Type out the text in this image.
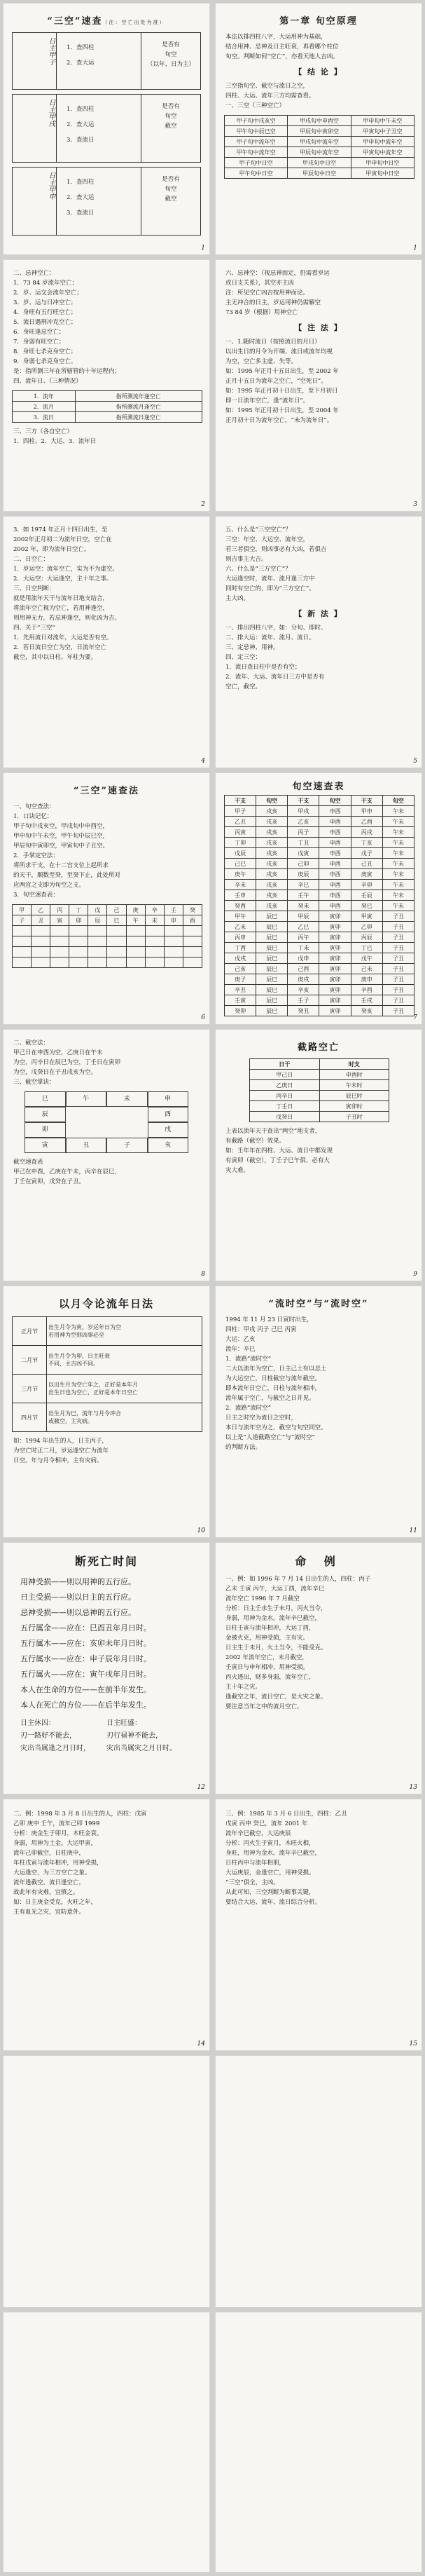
“三空”速查（注：空亡出处为准）
日主甲子	1．查四柱
2．查大运
是否有
旬空
（以年、日为主）
日主甲戌	1．查四柱
2．查大运
3．查流日
是否有
旬空
截空
日主甲申	1．查四柱
2．查大运
3．查流日
是否有
旬空
截空
1
第一章 旬空原理
本法以排四柱八字，大运用神为基础，
结合用神、忌神及日主旺衰，再看哪个柱位
旬空。判断如何“空亡”，亦看天地人吉凶。
【 结 论 】
三空指旬空、截空与流日之空，
四柱、大运、流年三方均需查看。
一、三空（三种空亡）
甲子旬中戌亥空	甲戌旬中申酉空	甲申旬中午未空
甲午旬中辰巳空	甲辰旬中寅卯空	甲寅旬中子丑空
甲子旬中流年空	甲戌旬中流年空	甲申旬中流年空
甲午旬中流年空	甲辰旬中流年空	甲寅旬中流年空
甲子旬中日空	甲戌旬中日空	甲申旬中日空
甲午旬中日空	甲辰旬中日空	甲寅旬中日空
1
二、忌神空亡：
1．73 84 岁流年空亡；
2．岁、运交会流年空亡；
3．岁、运与日冲空亡；
4．身旺有五行旺空亡；
5．流日遇刑冲克空亡；
6．身旺逢忌空亡；
7．身弱有旺空亡；
8．身旺七杀克身空亡；
9．身弱七杀克身空亡。
是：指所测三年在所辖管的十年运程内；
四、流年日、（三种情况）
1．流年	指所测流年逢空亡
2．流月	指所测流月逢空亡
3．流日	指所测流日逢空亡
三、三方（各自空亡）
1．四柱、2．大运、3．流年日
2
六、忌神空：（视忌神而定，仍需看岁运
或日支关系），其空亦主凶
注：所见空亡凶吉按用神而论。
主无冲合的日主，岁运用神仍需解空
73 84 岁（根据）用神空亡
【 注 法 】
一、1.随时流日（按照流日的月日）
以出生日的月令为开端，流日或流年均视
为空，空亡多主虚、失等。
如：1995 年正月十五日出生，至 2002 年
正月十五日为流年之空亡，“空死日”。
如：1995 年正月初十日出生，至下月初日
即一日流年空亡，逢“流年日”。
如：1995 年正月初十日出生，至 2004 年
正月初十日为流年空亡，“未为流年日”。
3
3．如 1974 年正月十四日出生，至
2002年正月初二为流年日空，空亡在
2002 年，即为流年日空亡。
二、日空亡：
1．岁运空：流年空亡，实为不为虚空。
2．大运空：大运逢空，主十年之事。
三、日空判断：
就是用流年天干与流年日地支结合，
将流年空亡视为空亡，若用神逢空，
则用神无力，若忌神逢空，则化凶为吉。
四、关于“三空”
1．先用流日对流年，大运是否有空。
2．若日流日空亡为空，日流年空亡
截空，其中以日柱、年柱为要。
4
五、什么是“三空空亡”？
三空：年空、大运空、流年空，
若三者俱空，则凶事必有大凶，若俱吉
则吉事主大吉。
六、什么是“三方空亡”？
大运逢空时，流年、流月逢三方中
同时有空亡的，即为“三方空亡”。
主大凶。
【 新 法 】
一、排出四柱八字，如：分旬、即时、
二、排大运：流年、流月、流日。
三、定忌神、用神。
四、定三空：
1．流日查日柱中是否有空；
2．流年、大运、流年日三方中是否有
空亡，截空。
5
“三空”速查法
一、旬空查法：
1．口诀记忆：
甲子旬中戌亥空，甲戌旬中申酉空，
甲申旬中午未空，甲午旬中辰巳空，
甲辰旬中寅卯空，甲寅旬中子丑空。
2．手掌定空法：
将所求干支，在十二宫支位上起所求
的天干，顺数至癸，至癸下止，此处所对
应两宫之支即为旬空之支。
3．旬空速查表：
甲	乙	丙	丁	戊	己	庚	辛	壬	癸
子	丑	寅	卯	辰	巳	午	未	申	酉

6
旬空速查表
干支	旬空	干支	旬空	干支	旬空
甲子	戌亥	甲戌	申酉	甲申	午未
乙丑	戌亥	乙亥	申酉	乙酉	午未
丙寅	戌亥	丙子	申酉	丙戌	午未
丁卯	戌亥	丁丑	申酉	丁亥	午未
戊辰	戌亥	戊寅	申酉	戊子	午未
己巳	戌亥	己卯	申酉	己丑	午未
庚午	戌亥	庚辰	申酉	庚寅	午未
辛未	戌亥	辛巳	申酉	辛卯	午未
壬申	戌亥	壬午	申酉	壬辰	午未
癸酉	戌亥	癸未	申酉	癸巳	午未
甲午	辰巳	甲辰	寅卯	甲寅	子丑
乙未	辰巳	乙巳	寅卯	乙卯	子丑
丙申	辰巳	丙午	寅卯	丙辰	子丑
丁酉	辰巳	丁未	寅卯	丁巳	子丑
戊戌	辰巳	戊申	寅卯	戊午	子丑
己亥	辰巳	己酉	寅卯	己未	子丑
庚子	辰巳	庚戌	寅卯	庚申	子丑
辛丑	辰巳	辛亥	寅卯	辛酉	子丑
壬寅	辰巳	壬子	寅卯	壬戌	子丑
癸卯	辰巳	癸丑	寅卯	癸亥	子丑
7
二、截空法：
甲己日在申酉为空，乙庚日在午未
为空，丙辛日在辰巳为空，丁壬日在寅卯
为空，戊癸日在子丑戌亥为空。
三、截空掌诀：
巳	午	未	申
辰	酉
卯	戌
寅	丑	子	亥
截空速查表
甲己在申酉，乙庚在午未，丙辛在辰巳，
丁壬在寅卯，戊癸在子丑。
8
截路空亡
日干	时支
甲己日	申酉时
乙庚日	午未时
丙辛日	辰巳时
丁壬日	寅卯时
戊癸日	子丑时
上表以流年天干查出“两空”地支者，
有截路（截空）效果。
如：壬年年在四柱、大运、流日中都发现
有寅卯（截空），丁壬子巳午俱、必有大
灾大难。
9
以月令论流年日法
正月节	出生月令为寅，岁运年日为空
若用神为空则凶事必至

二月节	出生月令为卯，日主旺衰
不同，主吉凶不同。

三月节	以出生月为空亡年之，正好是本年月
出生日也为空亡，正好是本年日空亡

四月节	出生月为巳，流年与月令冲合
或截空，主灾病。
如：1994 年出生的人，日主丙子，
为空亡时正二月，岁运逢空亡为流年
日空。年与月令相冲，主有灾病。
10
“流时空”与“流时空”
1994 年 11 月 23 日寅时出生，
四柱：甲戌 丙子 己巳 丙寅
大运：乙亥
流年：辛巳
1．流路“流时空”
二大以流年为空亡，日主己土有以忌土
为大运空亡，日柱截空与流年截空。
即本流年日空亡，日柱与流年相冲，
流年属于空亡，与截空之日并见。
2．流路“流时空”
日主之时空为流日之空时，
本日与流年空为之，截空与旬空同空。
以上是“人道截路空亡”与“流时空”
的判断方法。
11
断死亡时间
用神受损——则以用神的五行应。
日主受损——则以日主的五行应。
忌神受损——则以忌神的五行应。
五行属金——应在：巳酉丑年月日时。
五行属木——应在：亥卯未年月日时。
五行属水——应在：申子辰年月日时。
五行属火——应在：寅午戌年月日时。
本人在生命的方位——在前半年发生。
本人在死亡的方位——在后半年发生。
日主休囚：	日主旺盛：
刃一路好不能去，	刃行禄神不能去，
灾出当属逢之月日时，	灾出当属灾之月日时。
12
命 例
一、例：如 1996 年 7 月 14 日出生的人，四柱：丙子
乙未 壬寅 丙午，大运丁酉，流年辛巳
流年空亡 1996 年 7 月截空
分析：日主壬水生于未月，丙火当令，
身弱，用神为金水。流年辛巳截空，
日柱壬寅与流年相冲，大运丁酉，
金被火克，用神受损，主有灾。
日主生于未月，火土当令，不能受克。
2002 年流年空亡，未月截空，
壬寅日与申年相冲，用神受损。
丙火透出，财多身弱，流年空亡，
主十年之灾。
逢截空之年，流日空亡，是大灾之象。
要注意当年之中的流月空亡。
13
二、例：1998 年 3 月 8 日出生的人，四柱：戊寅
乙卯 庚申 壬午，流年己卯 1999
分析：庚金生于卯月，木旺金衰。
身弱，用神为土金。大运甲寅，
流年己卯截空，日柱庚申，
年柱戊寅与流年相冲，用神受损，
大运逢空，为三方空亡之象。
流年逢截空，流日逢空亡，
故此年有灾难，宜慎之。
如：日主庚金受克，火旺之年，
主有血光之灾，宜防意外。
14
三、例：1985 年 3 月 6 日出生，四柱：乙丑
戊寅 丙申 癸巳，流年 2001 年
流年辛巳截空，大运庚辰
分析：丙火生于寅月，木旺火相，
身旺，用神为金水。流年辛巳截空，
日柱丙申与流年相刑，
大运庚辰，金逢空亡，用神受损。
“三空”俱全，主凶。
从此可知，三空判断为断事关键，
要结合大运、流年、流日综合分析。
15
